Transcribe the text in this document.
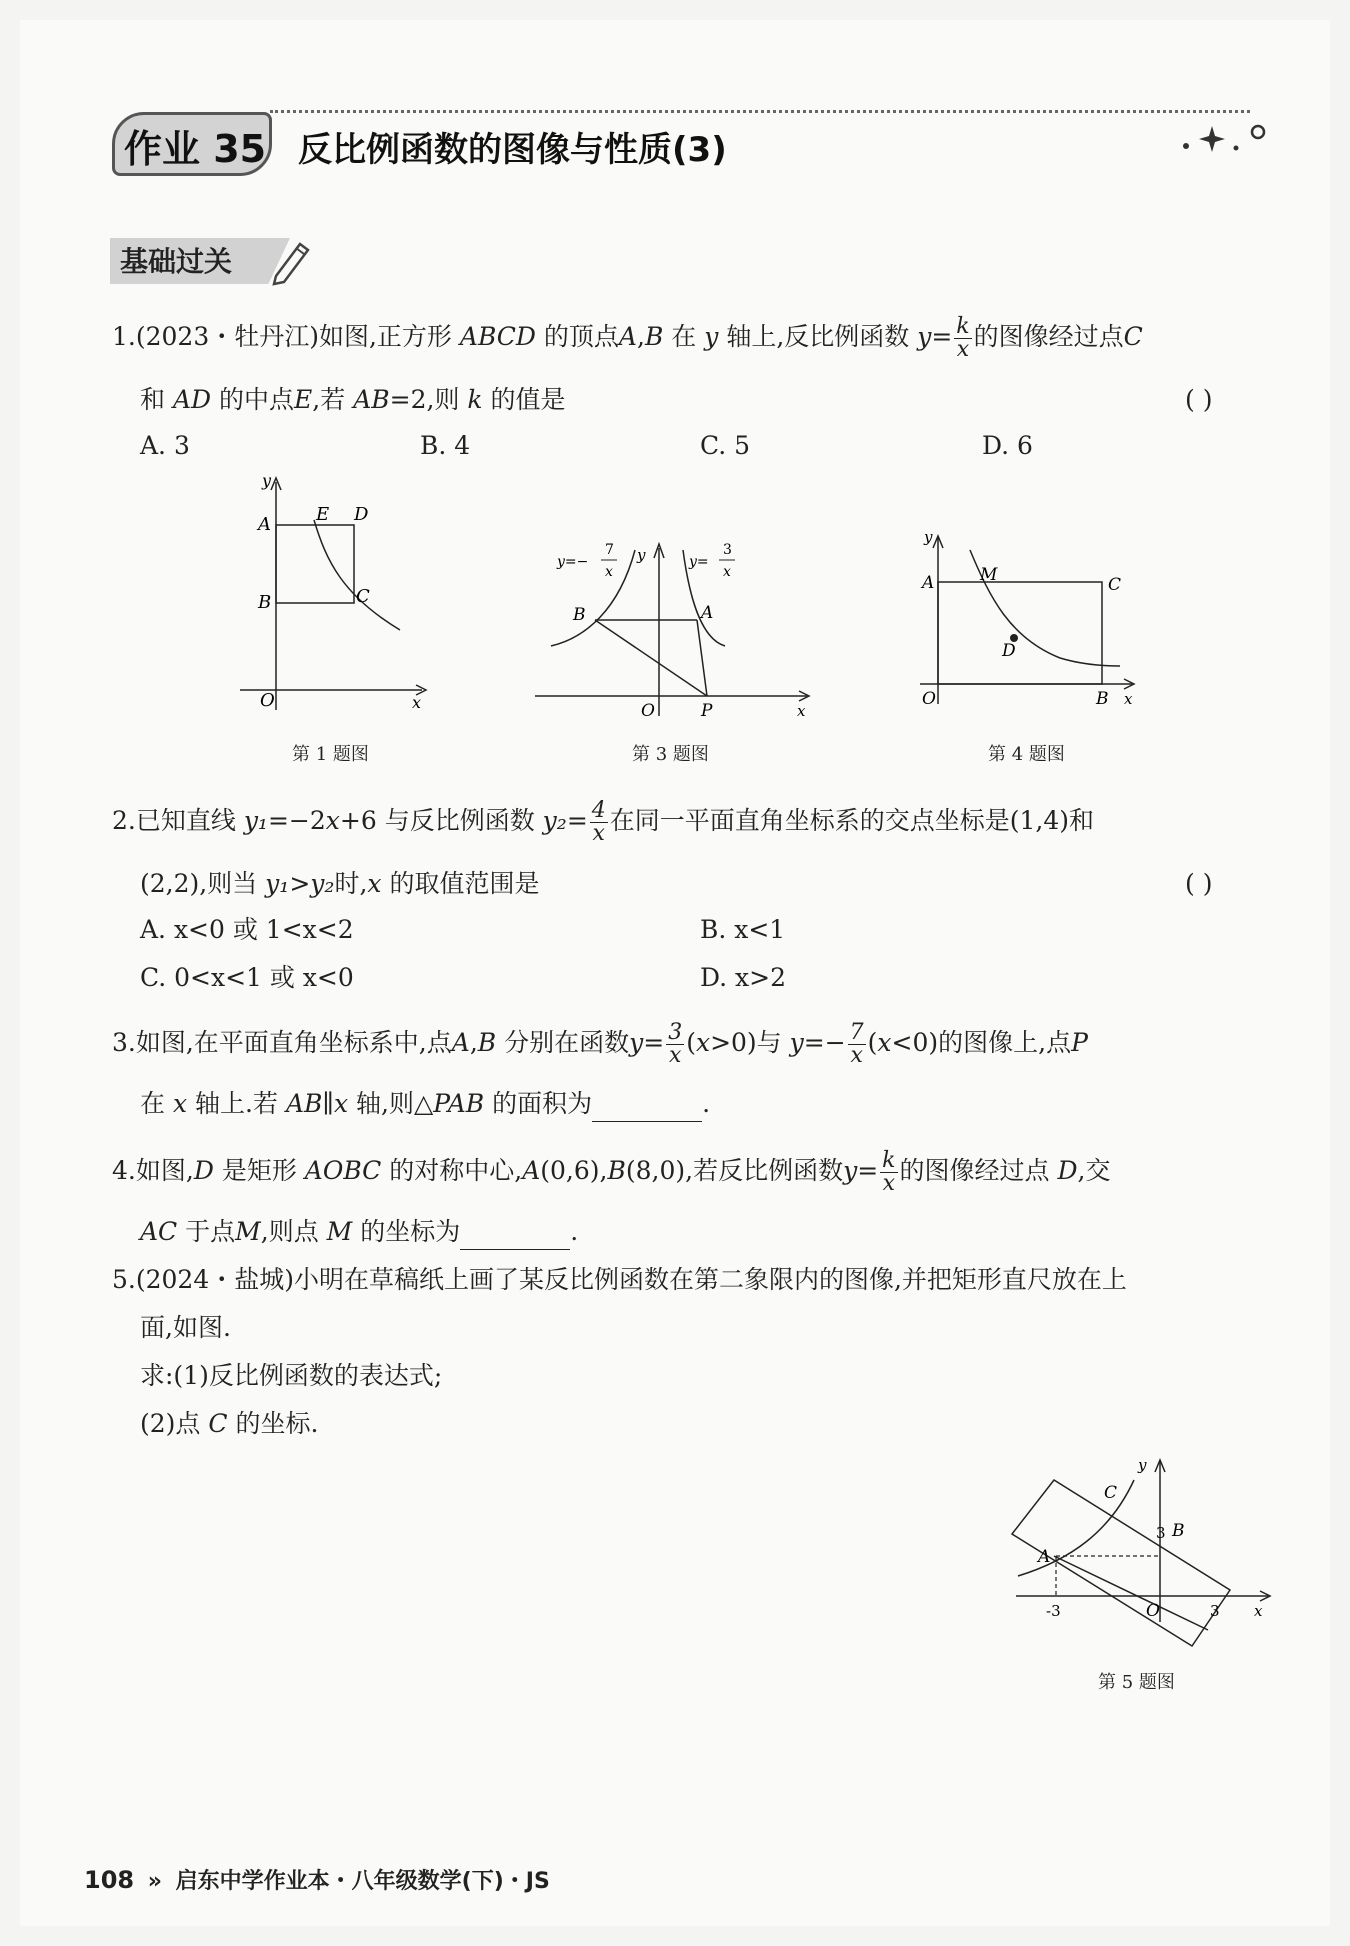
作业 35 反比例函数的图像与性质(3)
基础过关
1.(2023・牡丹江)如图,正方形 ABCD 的顶点A,B 在 y 轴上,反比例函数 $y= \frac{k}{x}$ 的图像经过点C
和 AD 的中点E,若 AB=2,则 k 的值是	( )
A. 3	B. 4	C. 5	D. 6
y
A	E D
B	C
O	x
第 1 题图
y=−
7
x
y	y=
3
x
B	A
O	P	x
第 3 题图
y
A	M	C
D
O	B x
第 4 题图
2.已知直线 y₁=−2x+6 与反比例函数 $y_2= \frac{4}{x}$ 在同一平面直角坐标系的交点坐标是(1,4)和
(2,2),则当 y₁>y₂时,x 的取值范围是	( )
A. x<0 或 1<x<2	B. x<1
C. 0<x<1 或 x<0	D. x>2
3.如图,在平面直角坐标系中,点A,B 分别在函数$y= \frac{3}{x} (x>0)$与 $y=- \frac{7}{x} (x<0)$的图像上,点P
在 x 轴上.若 AB∥x 轴,则△PAB 的面积为	.
4.如图,D 是矩形 AOBC 的对称中心,A(0,6),B(8,0),若反比例函数$y= \frac{k}{x}$ 的图像经过点 D,交
AC 于点M,则点 M 的坐标为	.
5.(2024・盐城)小明在草稿纸上画了某反比例函数在第二象限内的图像,并把矩形直尺放在上
面,如图.
求:(1)反比例函数的表达式;
(2)点 C 的坐标.
y
C
3 B
A
-3	O	3 x
第 5 题图
108 » 启东中学作业本・八年级数学(下)・JS
